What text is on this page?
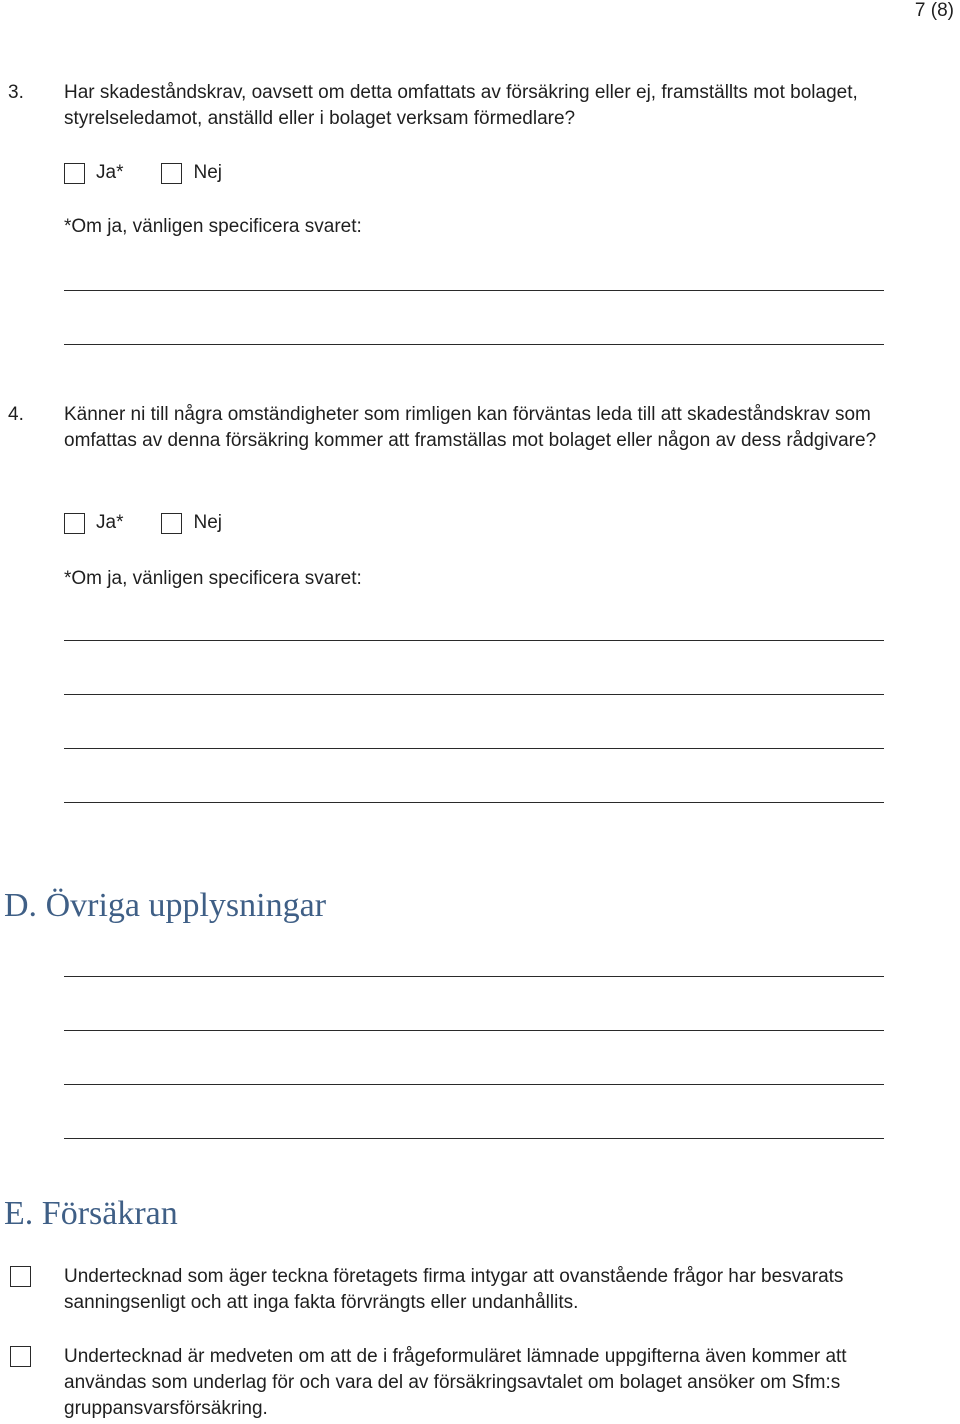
7 (8)
3. Har skadeståndskrav, oavsett om detta omfattats av försäkring eller ej, framställts mot bolaget, styrelseledamot, anställd eller i bolaget verksam förmedlare?
Ja*	Nej
*Om ja, vänligen specificera svaret:
4. Känner ni till några omständigheter som rimligen kan förväntas leda till att skadeståndskrav som omfattas av denna försäkring kommer att framställas mot bolaget eller någon av dess rådgivare?
Ja*	Nej
*Om ja, vänligen specificera svaret:
D. Övriga upplysningar
E. Försäkran
Undertecknad som äger teckna företagets firma intygar att ovanstående frågor har besvarats sanningsenligt och att inga fakta förvrängts eller undanhållits.
Undertecknad är medveten om att de i frågeformuläret lämnade uppgifterna även kommer att användas som underlag för och vara del av försäkringsavtalet om bolaget ansöker om Sfm:s gruppansvarsförsäkring.
